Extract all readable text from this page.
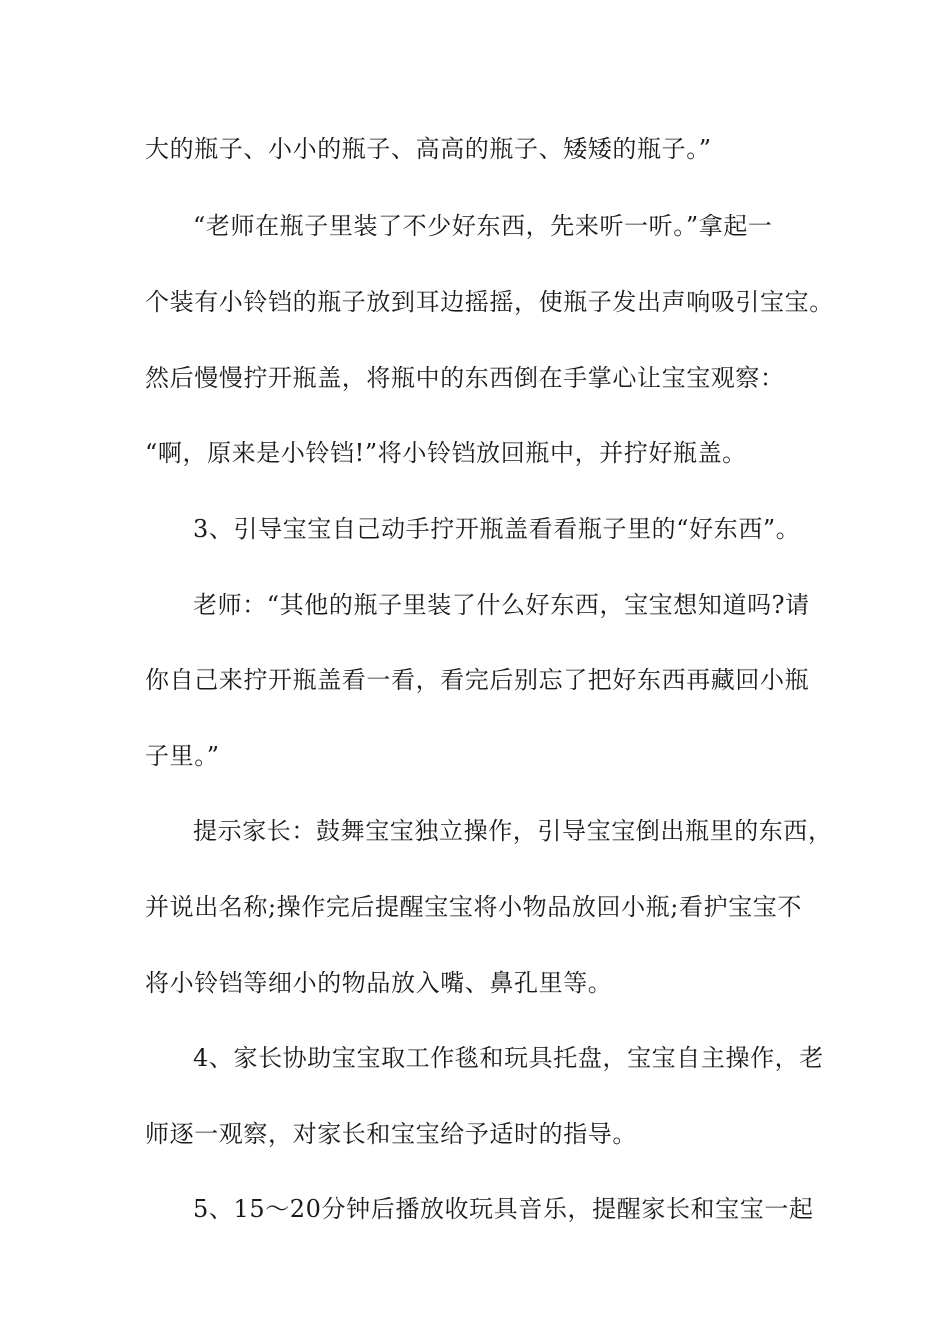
大的瓶子、小小的瓶子、高高的瓶子、矮矮的瓶子。”
“老师在瓶子里装了不少好东西，先来听一听。”拿起一
个装有小铃铛的瓶子放到耳边摇摇，使瓶子发出声响吸引宝宝。
然后慢慢拧开瓶盖，将瓶中的东西倒在手掌心让宝宝观察：
“啊，原来是小铃铛!”将小铃铛放回瓶中，并拧好瓶盖。
3、引导宝宝自己动手拧开瓶盖看看瓶子里的“好东西”。
老师：“其他的瓶子里装了什么好东西，宝宝想知道吗?请
你自己来拧开瓶盖看一看，看完后别忘了把好东西再藏回小瓶
子里。”
提示家长：鼓舞宝宝独立操作，引导宝宝倒出瓶里的东西，
并说出名称;操作完后提醒宝宝将小物品放回小瓶;看护宝宝不
将小铃铛等细小的物品放入嘴、鼻孔里等。
4、家长协助宝宝取工作毯和玩具托盘，宝宝自主操作，老
师逐一观察，对家长和宝宝给予适时的指导。
5、15～20分钟后播放收玩具音乐，提醒家长和宝宝一起
